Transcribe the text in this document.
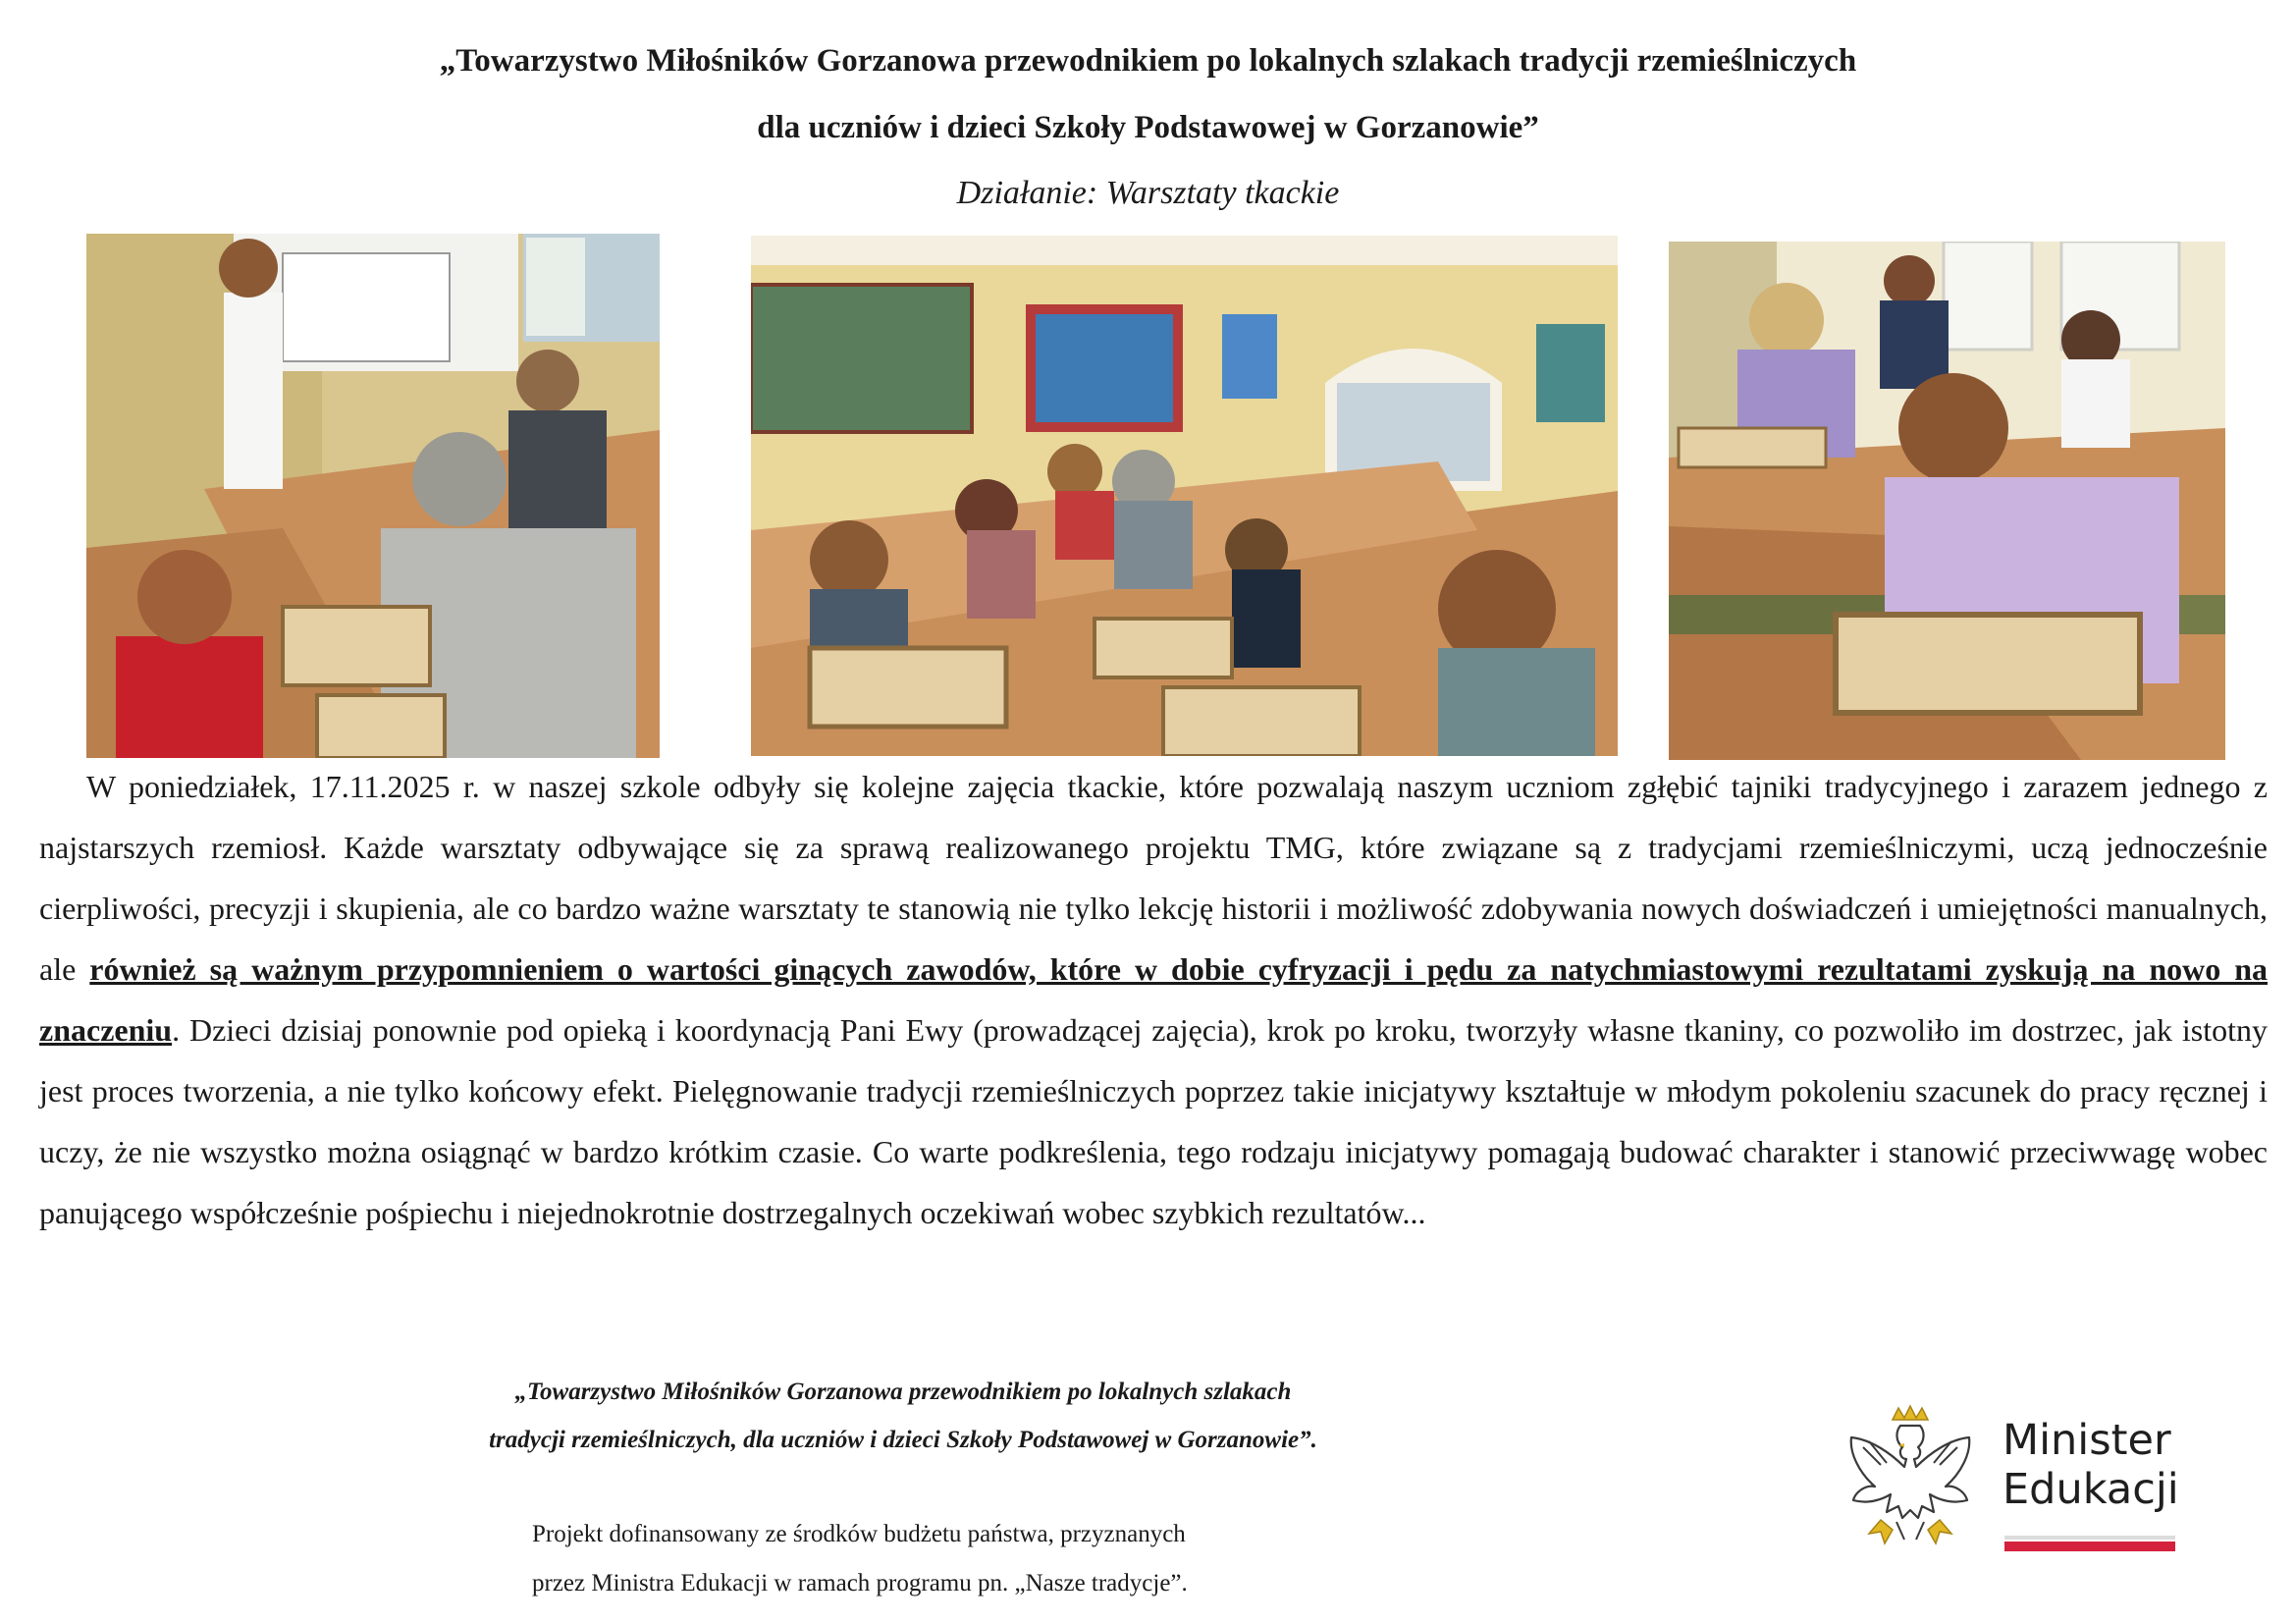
„Towarzystwo Miłośników Gorzanowa przewodnikiem po lokalnych szlakach tradycji rzemieślniczych
dla uczniów i dzieci Szkoły Podstawowej w Gorzanowie”
Działanie: Warsztaty tkackie

W poniedziałek, 17.11.2025 r. w naszej szkole odbyły się kolejne zajęcia tkackie, które pozwalają naszym uczniom zgłębić tajniki tradycyjnego i zarazem jednego z najstarszych rzemiosł. Każde warsztaty odbywające się za sprawą realizowanego projektu TMG, które związane są z tradycjami rzemieślniczymi, uczą jednocześnie cierpliwości, precyzji i skupienia, ale co bardzo ważne warsztaty te stanowią nie tylko lekcję historii i możliwość zdobywania nowych doświadczeń i umiejętności manualnych, ale również są ważnym przypomnieniem o wartości ginących zawodów, które w dobie cyfryzacji i pędu za natychmiastowymi rezultatami zyskują na nowo na znaczeniu. Dzieci dzisiaj ponownie pod opieką i koordynacją Pani Ewy (prowadzącej zajęcia), krok po kroku, tworzyły własne tkaniny, co pozwoliło im dostrzec, jak istotny jest proces tworzenia, a nie tylko końcowy efekt. Pielęgnowanie tradycji rzemieślniczych poprzez takie inicjatywy kształtuje w młodym pokoleniu szacunek do pracy ręcznej i uczy, że nie wszystko można osiągnąć w bardzo krótkim czasie. Co warte podkreślenia, tego rodzaju inicjatywy pomagają budować charakter i stanowić przeciwwagę wobec panującego współcześnie pośpiechu i niejednokrotnie dostrzegalnych oczekiwań wobec szybkich rezultatów...

„Towarzystwo Miłośników Gorzanowa przewodnikiem po lokalnych szlakach
tradycji rzemieślniczych, dla uczniów i dzieci Szkoły Podstawowej w Gorzanowie”.

Projekt dofinansowany ze środków budżetu państwa, przyznanych
przez Ministra Edukacji w ramach programu pn. „Nasze tradycje”.

Minister
Edukacji
